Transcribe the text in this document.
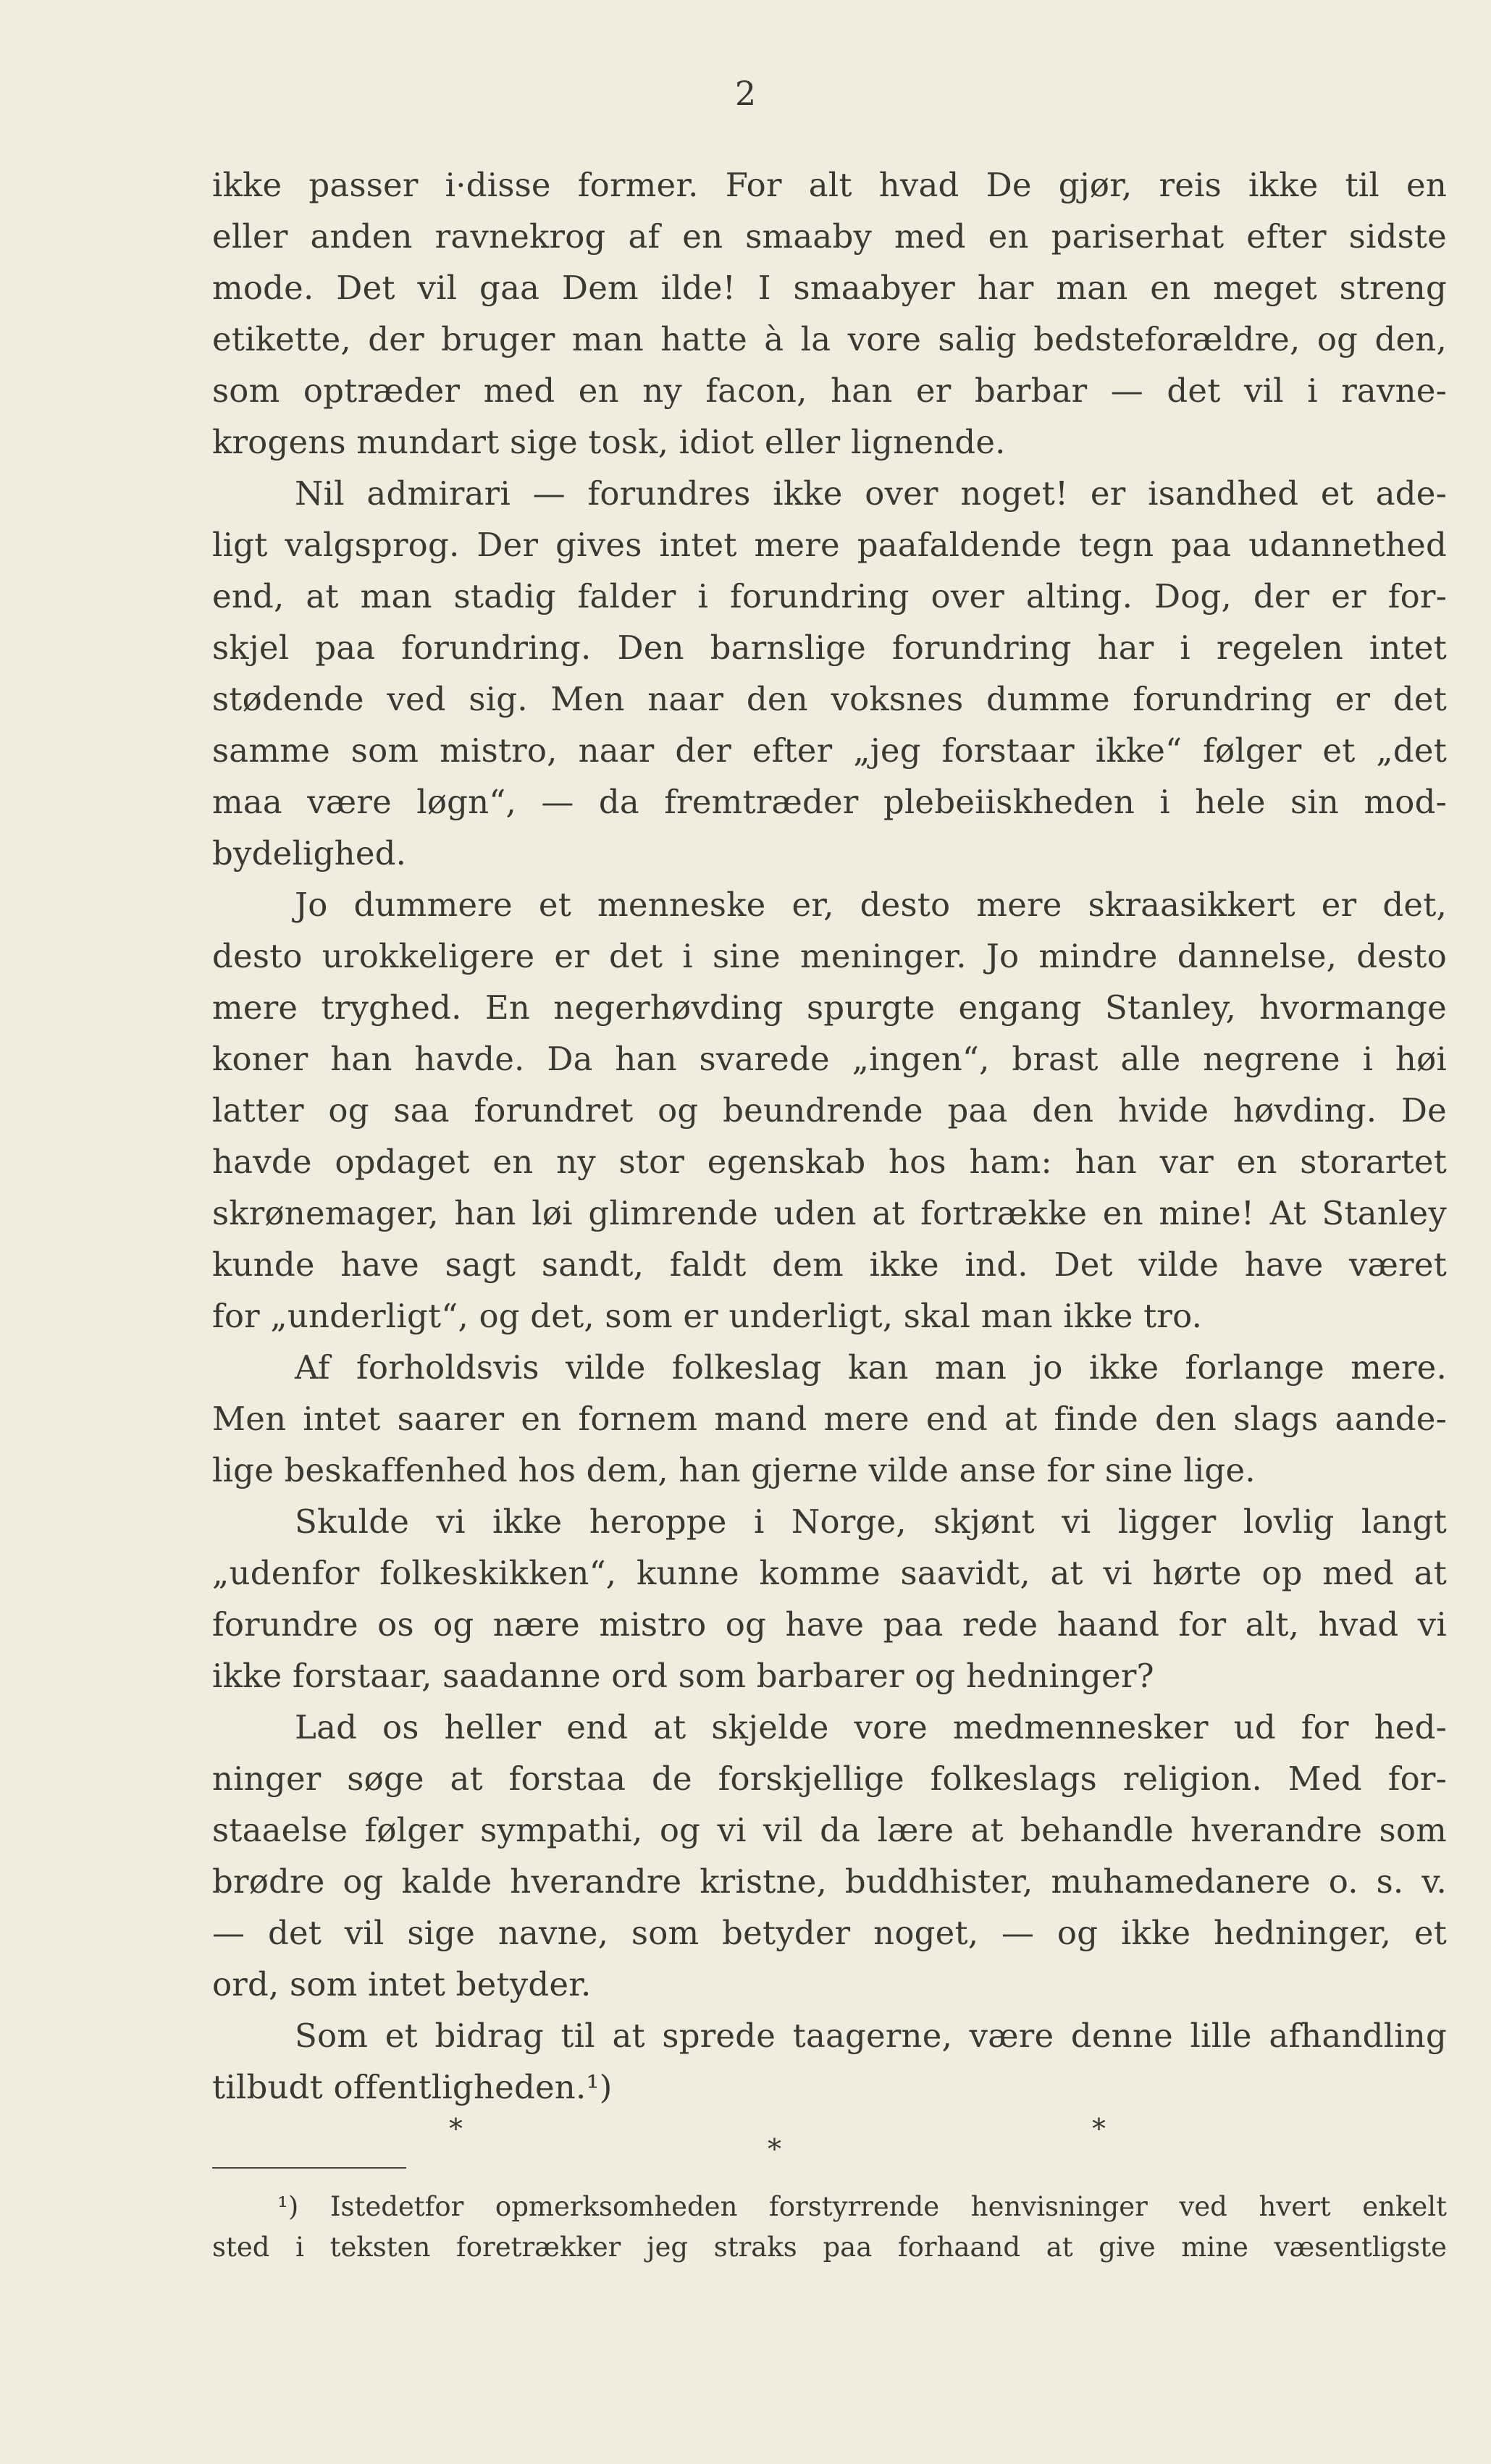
2
ikke passer i·disse former. For alt hvad De gjør, reis ikke til en
eller anden ravnekrog af en smaaby med en pariserhat efter sidste
mode. Det vil gaa Dem ilde! I smaabyer har man en meget streng
etikette, der bruger man hatte à la vore salig bedsteforældre, og den,
som optræder med en ny facon, han er barbar — det vil i ravne-
krogens mundart sige tosk, idiot eller lignende.
Nil admirari — forundres ikke over noget! er isandhed et ade-
ligt valgsprog. Der gives intet mere paafaldende tegn paa udannethed
end, at man stadig falder i forundring over alting. Dog, der er for-
skjel paa forundring. Den barnslige forundring har i regelen intet
stødende ved sig. Men naar den voksnes dumme forundring er det
samme som mistro, naar der efter „jeg forstaar ikke“ følger et „det
maa være løgn“, — da fremtræder plebeiiskheden i hele sin mod-
bydelighed.
Jo dummere et menneske er, desto mere skraasikkert er det,
desto urokkeligere er det i sine meninger. Jo mindre dannelse, desto
mere tryghed. En negerhøvding spurgte engang Stanley, hvormange
koner han havde. Da han svarede „ingen“, brast alle negrene i høi
latter og saa forundret og beundrende paa den hvide høvding. De
havde opdaget en ny stor egenskab hos ham: han var en storartet
skrønemager, han løi glimrende uden at fortrække en mine! At Stanley
kunde have sagt sandt, faldt dem ikke ind. Det vilde have været
for „underligt“, og det, som er underligt, skal man ikke tro.
Af forholdsvis vilde folkeslag kan man jo ikke forlange mere.
Men intet saarer en fornem mand mere end at finde den slags aande-
lige beskaffenhed hos dem, han gjerne vilde anse for sine lige.
Skulde vi ikke heroppe i Norge, skjønt vi ligger lovlig langt
„udenfor folkeskikken“, kunne komme saavidt, at vi hørte op med at
forundre os og nære mistro og have paa rede haand for alt, hvad vi
ikke forstaar, saadanne ord som barbarer og hedninger?
Lad os heller end at skjelde vore medmennesker ud for hed-
ninger søge at forstaa de forskjellige folkeslags religion. Med for-
staaelse følger sympathi, og vi vil da lære at behandle hverandre som
brødre og kalde hverandre kristne, buddhister, muhamedanere o. s. v.
— det vil sige navne, som betyder noget, — og ikke hedninger, et
ord, som intet betyder.
Som et bidrag til at sprede taagerne, være denne lille afhandling
tilbudt offentligheden.¹)
*
*
*
¹) Istedetfor opmerksomheden forstyrrende henvisninger ved hvert enkelt
sted i teksten foretrækker jeg straks paa forhaand at give mine væsentligste
